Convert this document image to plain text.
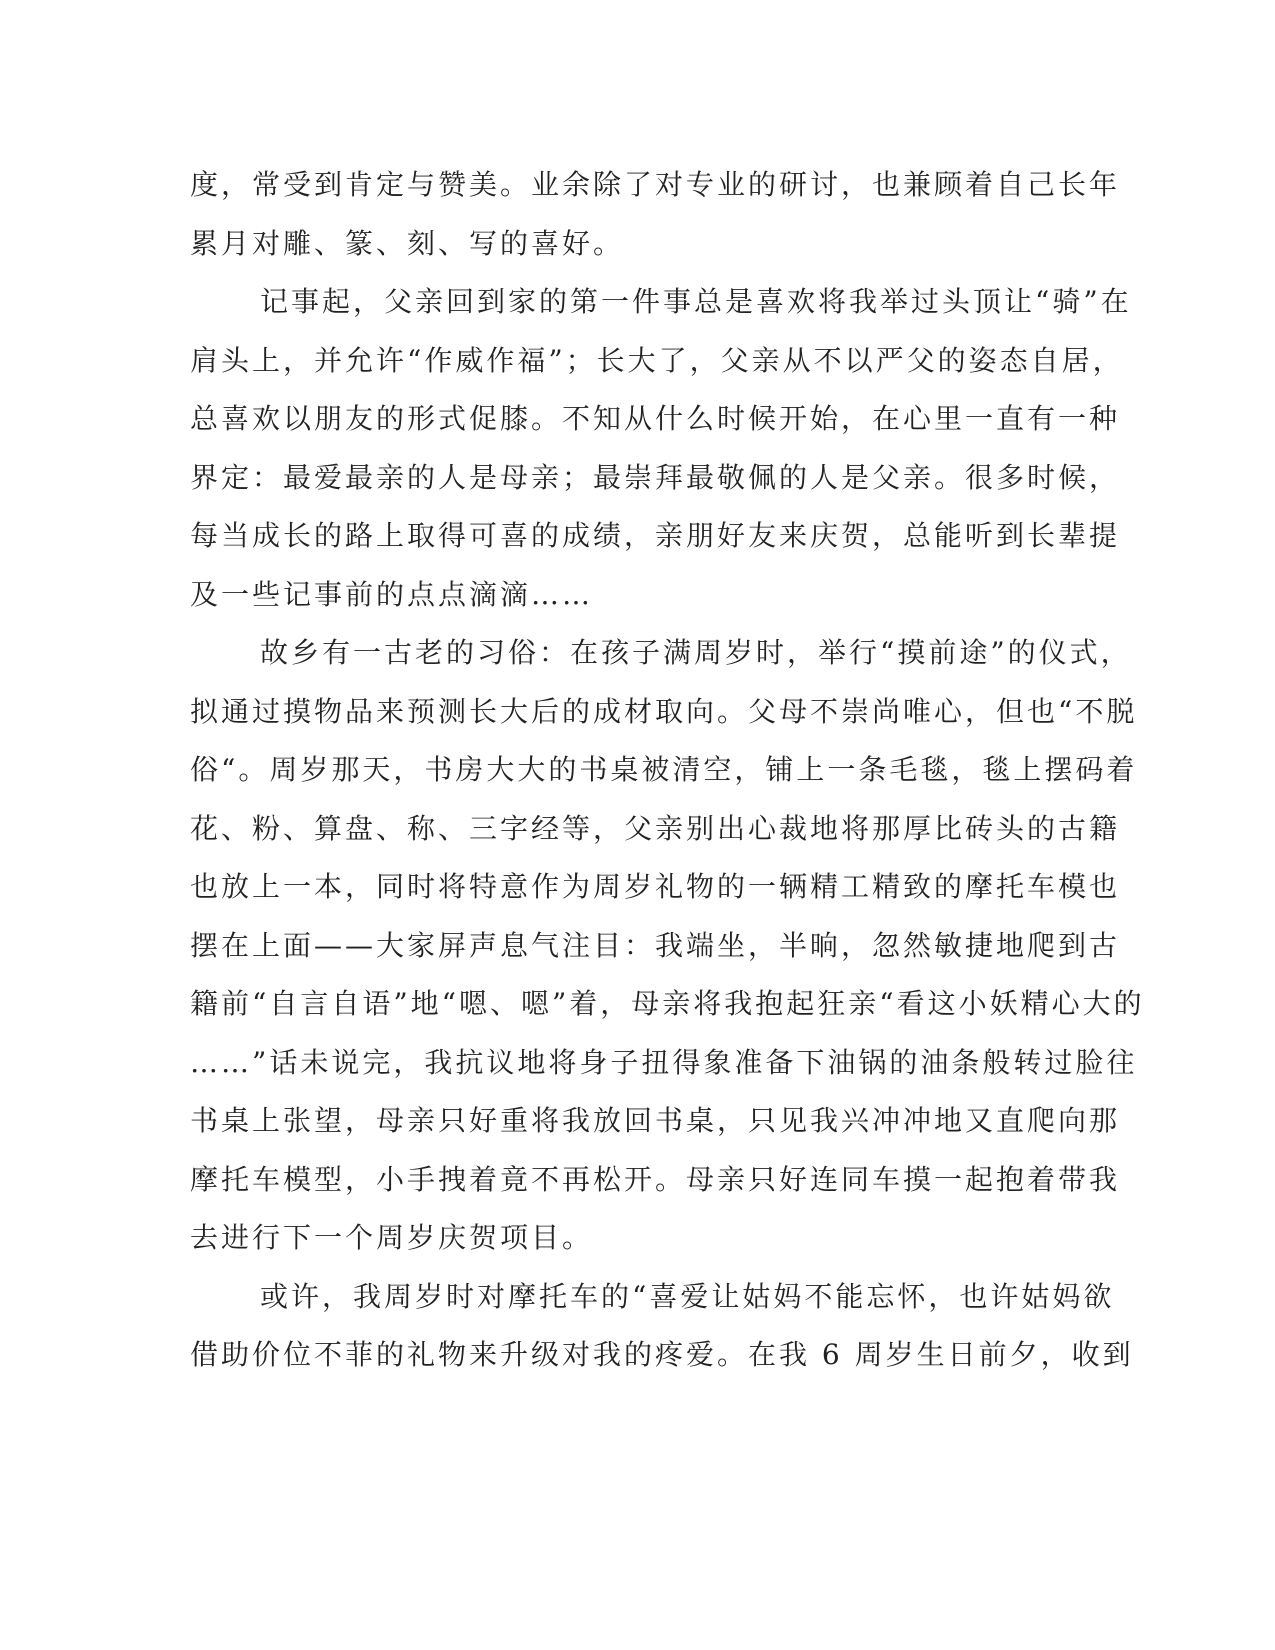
度，常受到肯定与赞美。业余除了对专业的研讨，也兼顾着自己长年
累月对雕、篆、刻、写的喜好。
记事起，父亲回到家的第一件事总是喜欢将我举过头顶让“骑”在
肩头上，并允许“作威作福”；长大了，父亲从不以严父的姿态自居，
总喜欢以朋友的形式促膝。不知从什么时候开始，在心里一直有一种
界定：最爱最亲的人是母亲；最崇拜最敬佩的人是父亲。很多时候，
每当成长的路上取得可喜的成绩，亲朋好友来庆贺，总能听到长辈提
及一些记事前的点点滴滴……
故乡有一古老的习俗：在孩子满周岁时，举行“摸前途”的仪式，
拟通过摸物品来预测长大后的成材取向。父母不崇尚唯心，但也“不脱
俗“。周岁那天，书房大大的书桌被清空，铺上一条毛毯，毯上摆码着
花、粉、算盘、称、三字经等，父亲别出心裁地将那厚比砖头的古籍
也放上一本，同时将特意作为周岁礼物的一辆精工精致的摩托车模也
摆在上面——大家屏声息气注目：我端坐，半晌，忽然敏捷地爬到古
籍前“自言自语”地“嗯、嗯”着，母亲将我抱起狂亲“看这小妖精心大的
……”话未说完，我抗议地将身子扭得象准备下油锅的油条般转过脸往
书桌上张望，母亲只好重将我放回书桌，只见我兴冲冲地又直爬向那
摩托车模型，小手拽着竟不再松开。母亲只好连同车摸一起抱着带我
去进行下一个周岁庆贺项目。
或许，我周岁时对摩托车的“喜爱让姑妈不能忘怀，也许姑妈欲
借助价位不菲的礼物来升级对我的疼爱。在我 6 周岁生日前夕，收到
